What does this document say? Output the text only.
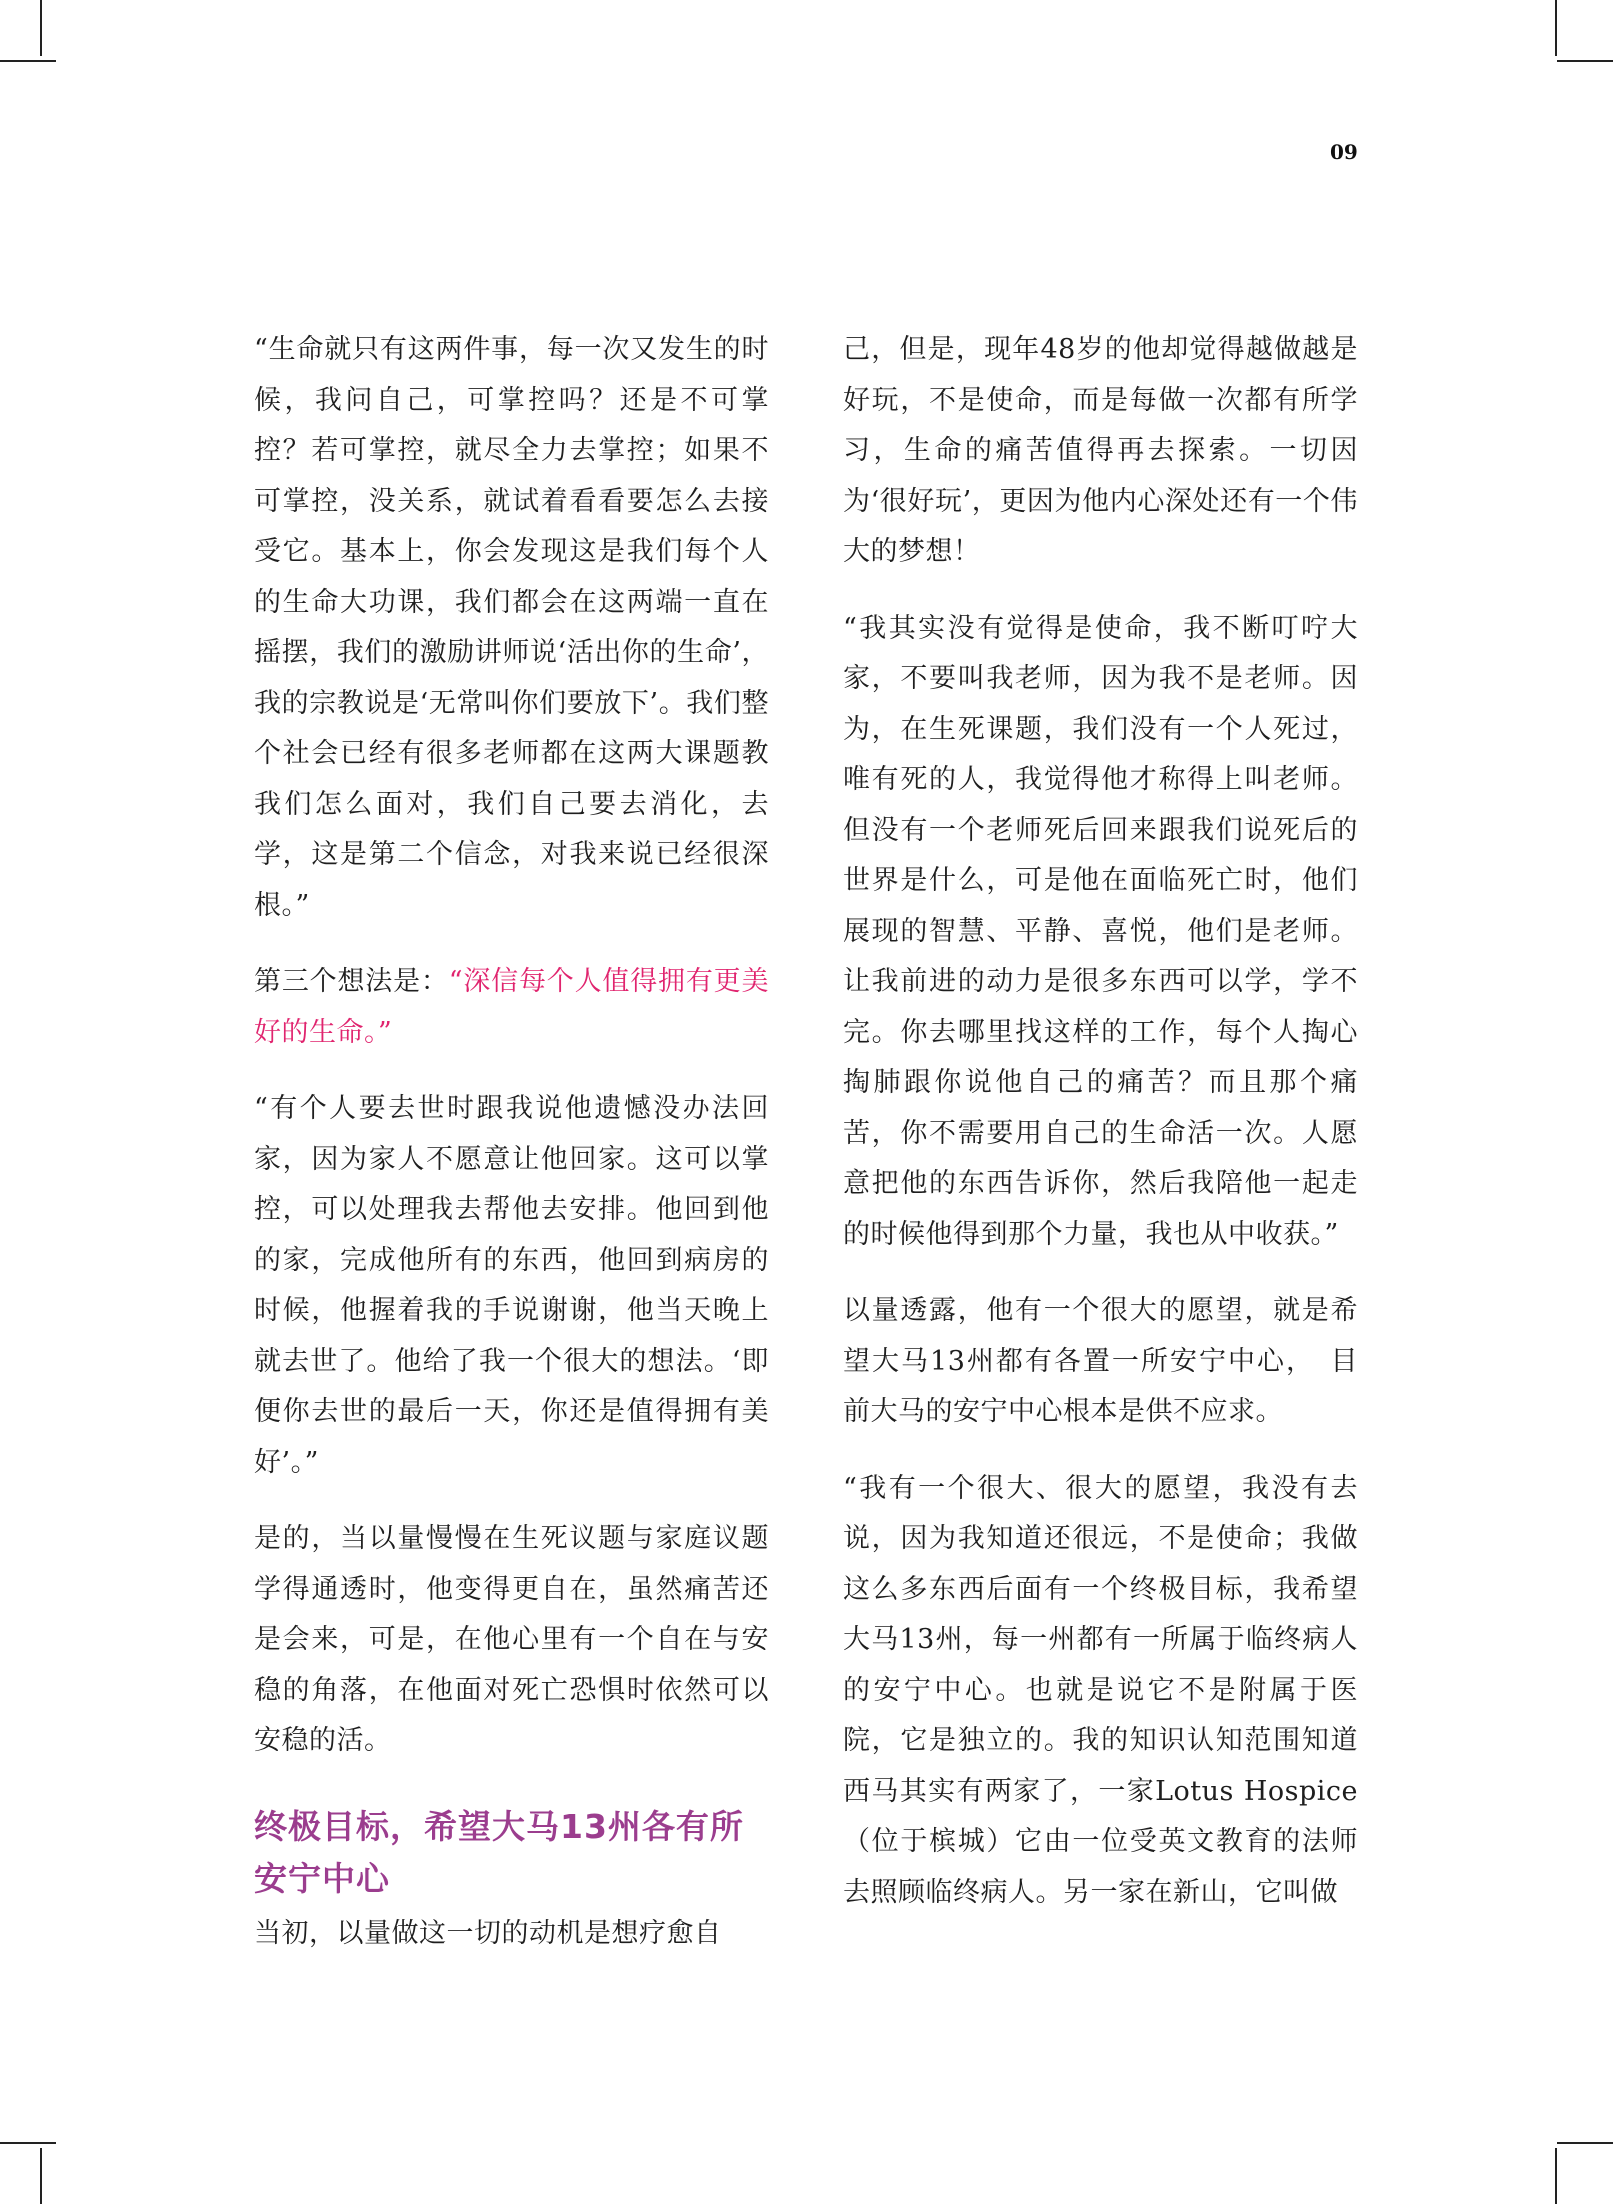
09

“生命就只有这两件事，每一次又发生的时候，我问自己，可掌控吗？还是不可掌控？若可掌控，就尽全力去掌控；如果不可掌控，没关系，就试着看看要怎么去接受它。基本上，你会发现这是我们每个人的生命大功课，我们都会在这两端一直在摇摆，我们的激励讲师说‘活出你的生命’，我的宗教说是‘无常叫你们要放下’。我们整个社会已经有很多老师都在这两大课题教我们怎么面对，我们自己要去消化，去学，这是第二个信念，对我来说已经很深根。”

第三个想法是：“深信每个人值得拥有更美好的生命。”

“有个人要去世时跟我说他遗憾没办法回家，因为家人不愿意让他回家。这可以掌控，可以处理我去帮他去安排。他回到他的家，完成他所有的东西，他回到病房的时候，他握着我的手说谢谢，他当天晚上就去世了。他给了我一个很大的想法。‘即便你去世的最后一天，你还是值得拥有美好’。”

是的，当以量慢慢在生死议题与家庭议题学得通透时，他变得更自在，虽然痛苦还是会来，可是，在他心里有一个自在与安稳的角落，在他面对死亡恐惧时依然可以安稳的活。

终极目标，希望大马13州各有所安宁中心

当初，以量做这一切的动机是想疗愈自

己，但是，现年48岁的他却觉得越做越是好玩，不是使命，而是每做一次都有所学习，生命的痛苦值得再去探索。一切因为‘很好玩’，更因为他内心深处还有一个伟大的梦想！

“我其实没有觉得是使命，我不断叮咛大家，不要叫我老师，因为我不是老师。因为，在生死课题，我们没有一个人死过，唯有死的人，我觉得他才称得上叫老师。但没有一个老师死后回来跟我们说死后的世界是什么，可是他在面临死亡时，他们展现的智慧、平静、喜悦，他们是老师。让我前进的动力是很多东西可以学，学不完。你去哪里找这样的工作，每个人掏心掏肺跟你说他自己的痛苦？而且那个痛苦，你不需要用自己的生命活一次。人愿意把他的东西告诉你，然后我陪他一起走的时候他得到那个力量，我也从中收获。”

以量透露，他有一个很大的愿望，就是希望大马13州都有各置一所安宁中心，　目前大马的安宁中心根本是供不应求。

“我有一个很大、很大的愿望，我没有去说，因为我知道还很远，不是使命；我做这么多东西后面有一个终极目标，我希望大马13州，每一州都有一所属于临终病人的安宁中心。也就是说它不是附属于医院，它是独立的。我的知识认知范围知道西马其实有两家了，一家Lotus Hospice（位于槟城）它由一位受英文教育的法师去照顾临终病人。另一家在新山，它叫做
